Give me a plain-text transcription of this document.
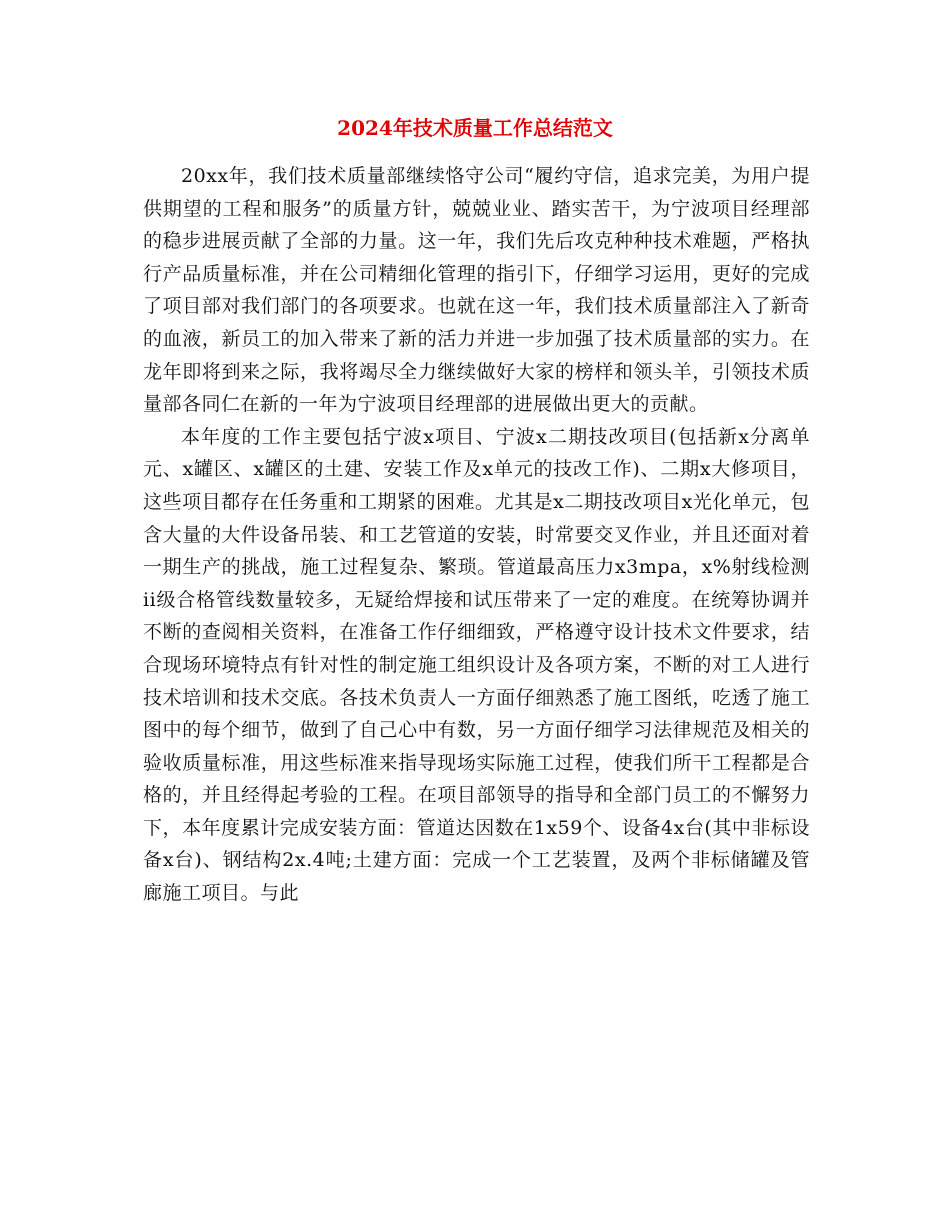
2024年技术质量工作总结范文

20xx年，我们技术质量部继续恪守公司“履约守信，追求完美，为用户提供期望的工程和服务”的质量方针，兢兢业业、踏实苦干，为宁波项目经理部的稳步进展贡献了全部的力量。这一年，我们先后攻克种种技术难题，严格执行产品质量标准，并在公司精细化管理的指引下，仔细学习运用，更好的完成了项目部对我们部门的各项要求。也就在这一年，我们技术质量部注入了新奇的血液，新员工的加入带来了新的活力并进一步加强了技术质量部的实力。在龙年即将到来之际，我将竭尽全力继续做好大家的榜样和领头羊，引领技术质量部各同仁在新的一年为宁波项目经理部的进展做出更大的贡献。

本年度的工作主要包括宁波x项目、宁波x二期技改项目(包括新x分离单元、x罐区、x罐区的土建、安装工作及x单元的技改工作)、二期x大修项目，这些项目都存在任务重和工期紧的困难。尤其是x二期技改项目x光化单元，包含大量的大件设备吊装、和工艺管道的安装，时常要交叉作业，并且还面对着一期生产的挑战，施工过程复杂、繁琐。管道最高压力x3mpa，x%射线检测ii级合格管线数量较多，无疑给焊接和试压带来了一定的难度。在统筹协调并不断的查阅相关资料，在准备工作仔细细致，严格遵守设计技术文件要求，结合现场环境特点有针对性的制定施工组织设计及各项方案，不断的对工人进行技术培训和技术交底。各技术负责人一方面仔细熟悉了施工图纸，吃透了施工图中的每个细节，做到了自己心中有数，另一方面仔细学习法律规范及相关的验收质量标准，用这些标准来指导现场实际施工过程，使我们所干工程都是合格的，并且经得起考验的工程。在项目部领导的指导和全部门员工的不懈努力下，本年度累计完成安装方面：管道达因数在1x59个、设备4x台(其中非标设备x台)、钢结构2x.4吨;土建方面：完成一个工艺装置，及两个非标储罐及管廊施工项目。与此
